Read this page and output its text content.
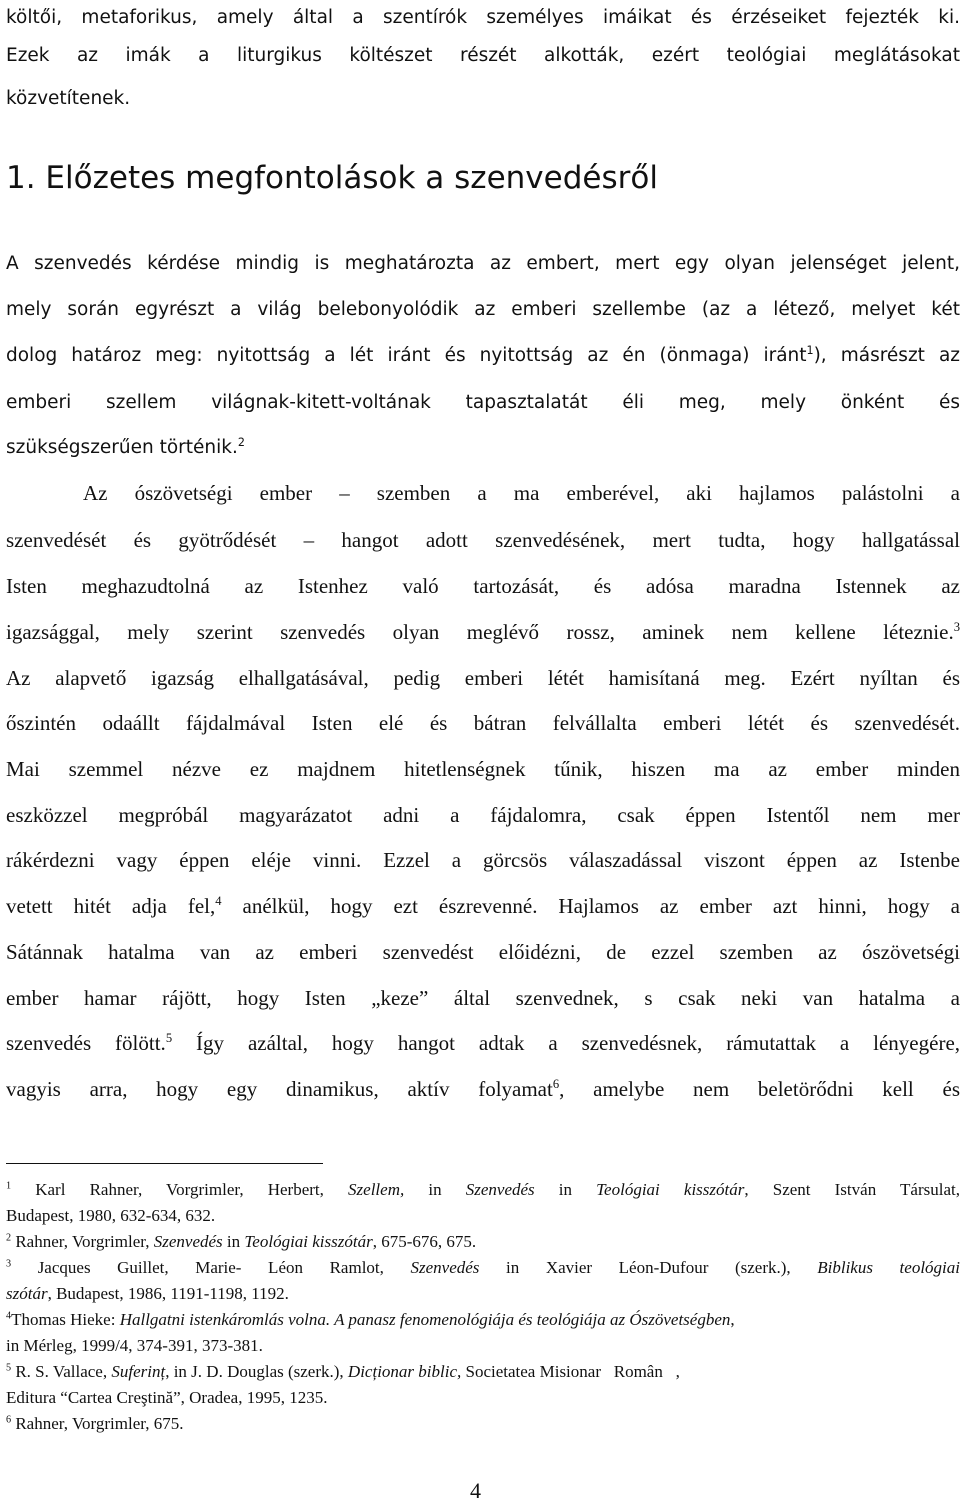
költői, metaforikus, amely által a szentírók személyes imáikat és érzéseiket fejezték ki.
Ezek az imák a liturgikus költészet részét alkották, ezért teológiai meglátásokat
közvetítenek.
1. Előzetes megfontolások a szenvedésről
A szenvedés kérdése mindig is meghatározta az embert, mert egy olyan jelenséget jelent,
mely során egyrészt a világ belebonyolódik az emberi szellembe (az a létező, melyet két
dolog határoz meg: nyitottság a lét iránt és nyitottság az én (önmaga) iránt$^1$), másrészt az
emberi szellem világnak-kitett-voltának tapasztalatát éli meg, mely önként és
szükségszerűen történik.$^2$
Az ószövetségi ember – szemben a ma emberével, aki hajlamos palástolni a
szenvedését és gyötrődését – hangot adott szenvedésének, mert tudta, hogy hallgatással
Isten meghazudtolná az Istenhez való tartozását, és adósa maradna Istennek az
igazsággal, mely szerint szenvedés olyan meglévő rossz, aminek nem kellene léteznie.$^3$
Az alapvető igazság elhallgatásával, pedig emberi létét hamisítaná meg. Ezért nyíltan és
őszintén odaállt fájdalmával Isten elé és bátran felvállalta emberi létét és szenvedését.
Mai szemmel nézve ez majdnem hitetlenségnek tűnik, hiszen ma az ember minden
eszközzel megpróbál magyarázatot adni a fájdalomra, csak éppen Istentől nem mer
rákérdezni vagy éppen eléje vinni. Ezzel a görcsös válaszadással viszont éppen az Istenbe
vetett hitét adja fel,$^4$ anélkül, hogy ezt észrevenné. Hajlamos az ember azt hinni, hogy a
Sátánnak hatalma van az emberi szenvedést előidézni, de ezzel szemben az ószövetségi
ember hamar rájött, hogy Isten „keze” által szenvednek, s csak neki van hatalma a
szenvedés fölött.$^5$ Így azáltal, hogy hangot adtak a szenvedésnek, rámutattak a lényegére,
vagyis arra, hogy egy dinamikus, aktív folyamat$^6$, amelybe nem beletörődni kell és
$^1$ Karl Rahner, Vorgrimler, Herbert, Szellem, in Szenvedés in Teológiai kisszótár, Szent István Társulat,
Budapest, 1980, 632-634, 632.
$^2$ Rahner, Vorgrimler, Szenvedés in Teológiai kisszótár, 675-676, 675.
$^3$ Jacques Guillet, Marie- Léon Ramlot, Szenvedés in Xavier Léon-Dufour (szerk.), Biblikus teológiai
szótár, Budapest, 1986, 1191-1198, 1192.
$^4$Thomas Hieke: Hallgatni istenkáromlás volna. A panasz fenomenológiája és teológiája az Ószövetségben,
in Mérleg, 1999/4, 374-391, 373-381.
$^5$ R. S. Vallace, Suferinț, in J. D. Douglas (szerk.), Dicționar biblic, Societatea Misionar   Român   ,
Editura “Cartea Creştină”, Oradea, 1995, 1235.
$^6$ Rahner, Vorgrimler, 675.
4
